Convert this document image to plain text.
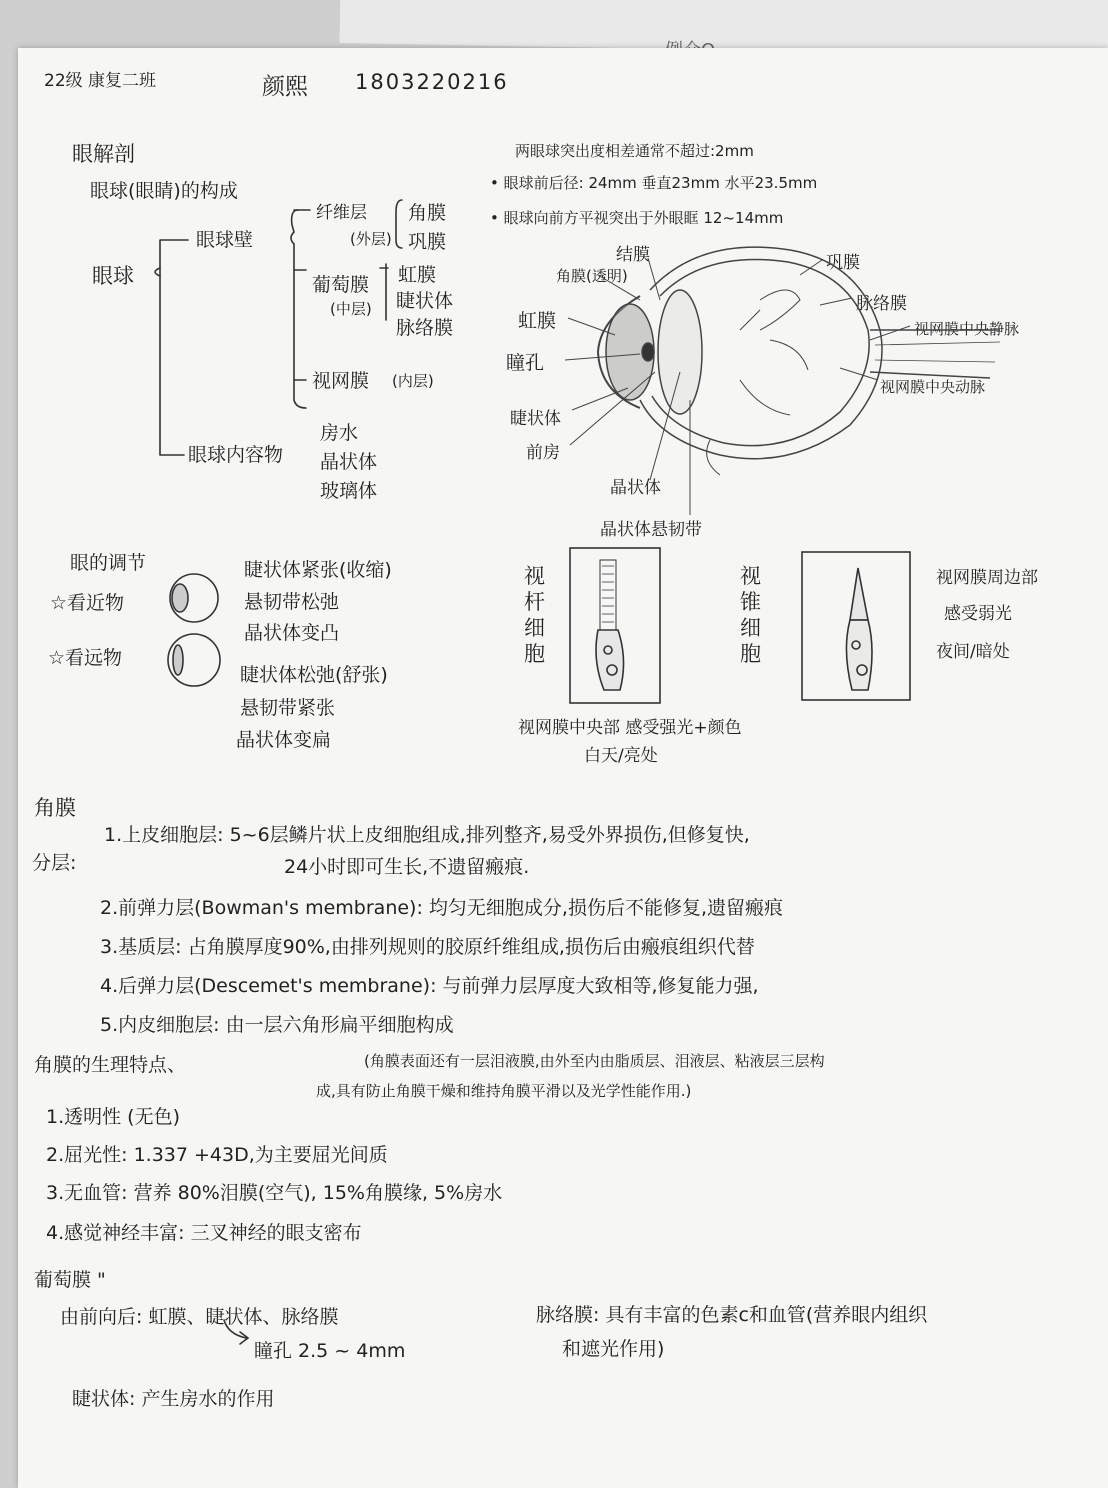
22级 康复二班	颜熙 1803220216
眼解剖
眼球(眼睛)的构成
眼球
眼球壁
纤维层
(外层)
角膜
巩膜
葡萄膜
(中层)
虹膜
睫状体
脉络膜
视网膜 (内层)
眼球内容物
房水
晶状体
玻璃体
两眼球突出度相差通常不超过:2mm
• 眼球前后径: 24mm 垂直23mm 水平23.5mm
• 眼球向前方平视突出于外眼眶 12~14mm
结膜
角膜(透明)
虹膜
瞳孔
睫状体
前房
晶状体
晶状体悬韧带
巩膜
脉络膜
视网膜中央静脉
视网膜中央动脉
眼的调节
☆看近物
☆看远物
睫状体紧张(收缩)
悬韧带松弛
晶状体变凸
睫状体松弛(舒张)
悬韧带紧张
晶状体变扁
视杆细胞
视锥细胞
视网膜周边部
感受弱光
夜间/暗处
视网膜中央部 感受强光+颜色
白天/亮处
角膜
分层:
1.上皮细胞层: 5~6层鳞片状上皮细胞组成,排列整齐,易受外界损伤,但修复快,
24小时即可生长,不遗留瘢痕.
2.前弹力层(Bowman's membrane): 均匀无细胞成分,损伤后不能修复,遗留瘢痕
3.基质层: 占角膜厚度90%,由排列规则的胶原纤维组成,损伤后由瘢痕组织代替
4.后弹力层(Descemet's membrane): 与前弹力层厚度大致相等,修复能力强,
5.内皮细胞层: 由一层六角形扁平细胞构成
角膜的生理特点、	(角膜表面还有一层泪液膜,由外至内由脂质层、泪液层、粘液层三层构
成,具有防止角膜干燥和维持角膜平滑以及光学性能作用.)
1.透明性 (无色)
2.屈光性: 1.337 +43D,为主要屈光间质
3.无血管: 营养 80%泪膜(空气), 15%角膜缘, 5%房水
4.感觉神经丰富: 三叉神经的眼支密布
葡萄膜 "
由前向后: 虹膜、睫状体、脉络膜
瞳孔 2.5 ~ 4mm
脉络膜: 具有丰富的色素c和血管(营养眼内组织
和遮光作用)
睫状体: 产生房水的作用
